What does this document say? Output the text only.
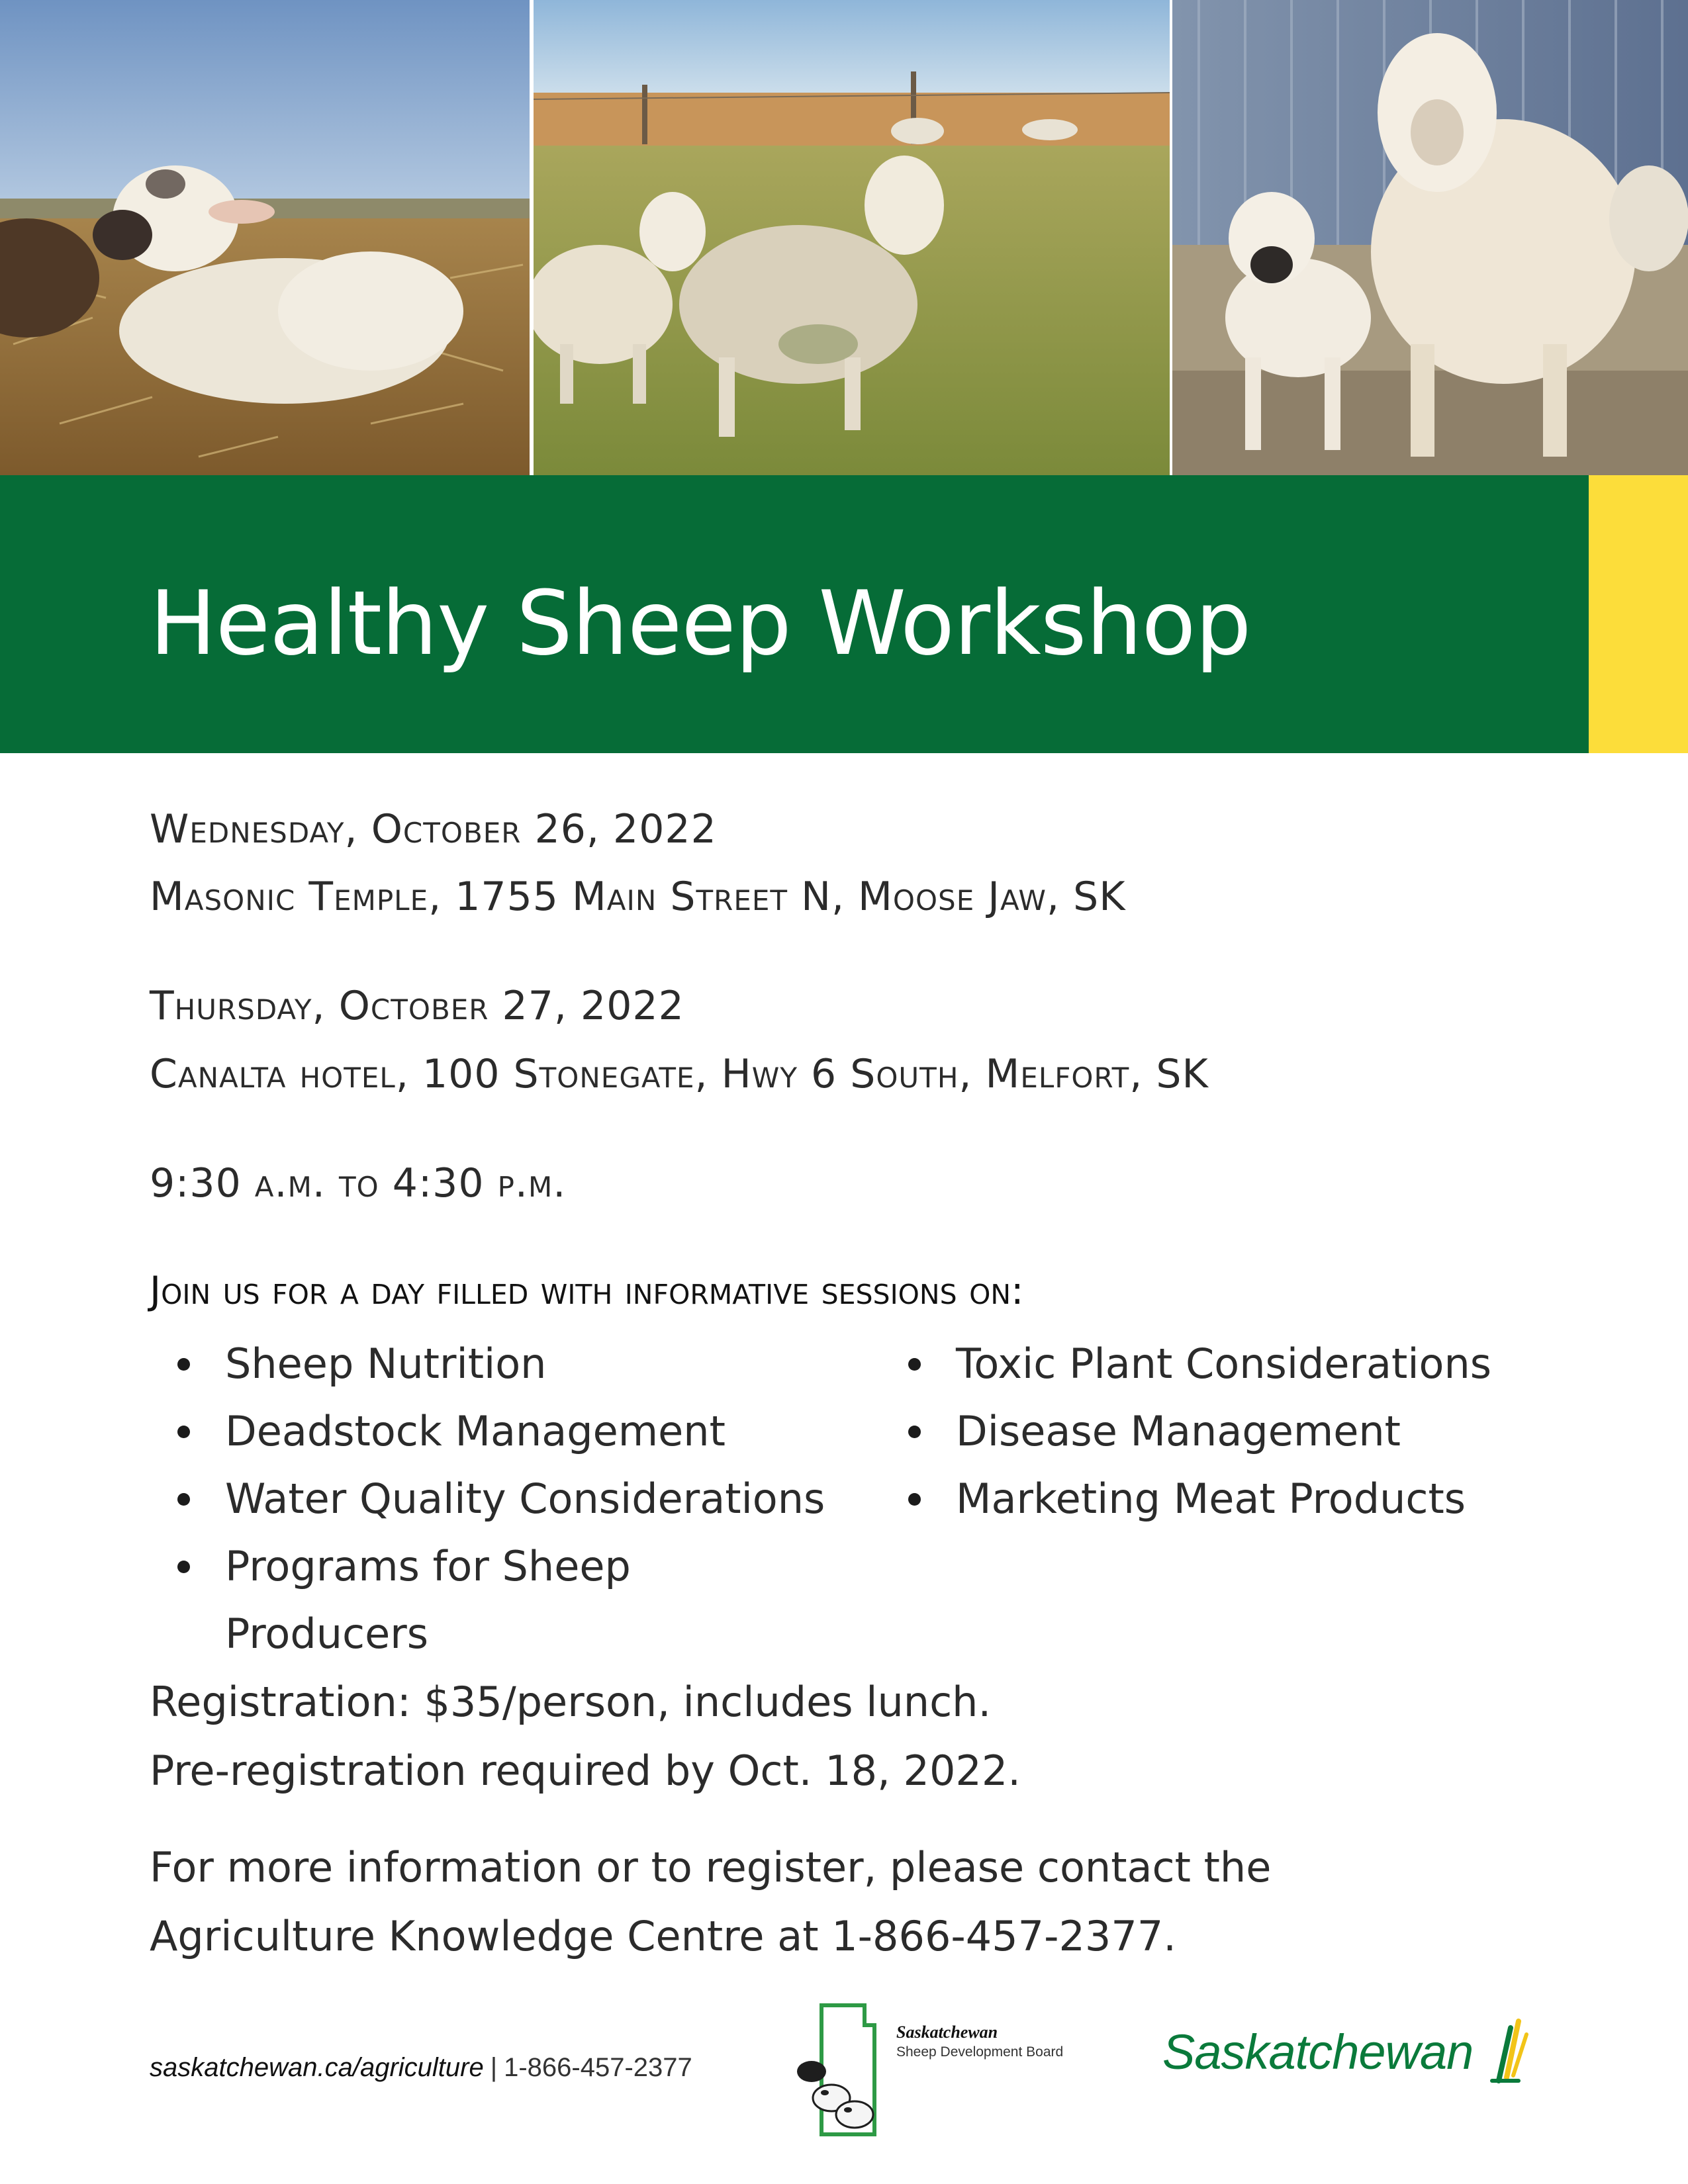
Healthy Sheep Workshop

Wednesday, October 26, 2022

Masonic Temple, 1755 Main Street N, Moose Jaw, SK

Thursday, October 27, 2022

Canalta hotel, 100 Stonegate, Hwy 6 South, Melfort, SK

9:30 a.m. to 4:30 p.m.

Join us for a day filled with informative sessions on:

Sheep Nutrition
Deadstock Management
Water Quality Considerations
Programs for Sheep Producers
Toxic Plant Considerations
Disease Management
Marketing Meat Products

Registration: $35/person, includes lunch.

Pre-registration required by Oct. 18, 2022.

For more information or to register, please contact the

Agriculture Knowledge Centre at 1-866-457-2377.

saskatchewan.ca/agriculture | 1-866-457-2377
Saskatchewan
Sheep Development Board Saskatchewan
